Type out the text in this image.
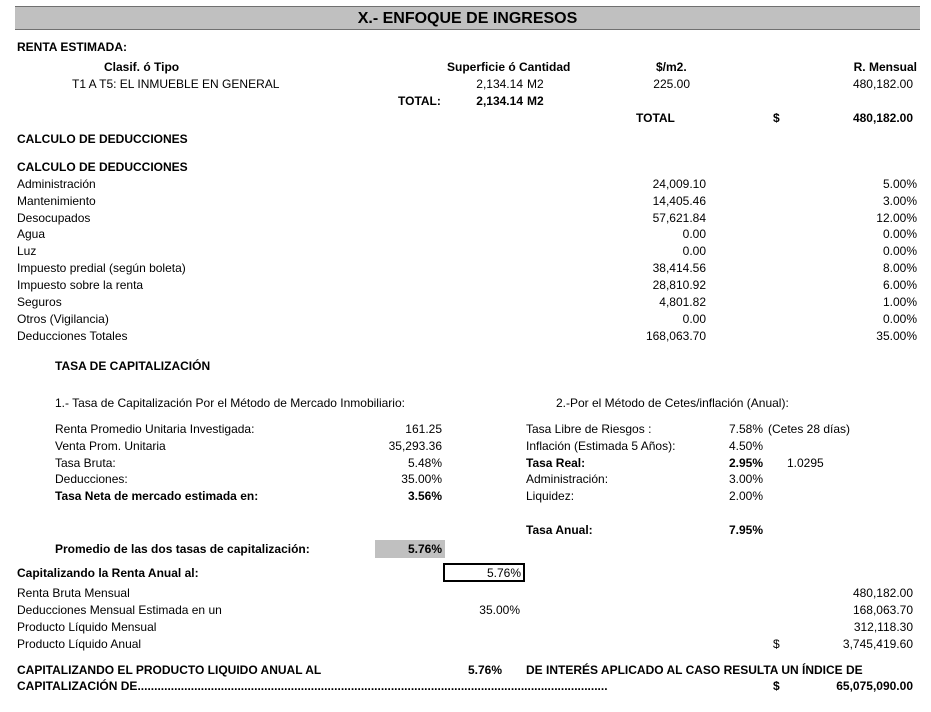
X.- ENFOQUE DE INGRESOS
RENTA ESTIMADA:
Clasif. ó Tipo	Superficie ó Cantidad	$/m2.	R. Mensual
T1 A T5: EL INMUEBLE EN GENERAL	2,134.14 M2	225.00	480,182.00
TOTAL:	2,134.14 M2
TOTAL	$	480,182.00
CALCULO DE DEDUCCIONES
CALCULO DE DEDUCCIONES
Administración	24,009.10	5.00%
Mantenimiento	14,405.46	3.00%
Desocupados	57,621.84	12.00%
Agua	0.00	0.00%
Luz	0.00	0.00%
Impuesto predial (según boleta)	38,414.56	8.00%
Impuesto sobre la renta	28,810.92	6.00%
Seguros	4,801.82	1.00%
Otros (Vigilancia)	0.00	0.00%
Deducciones Totales	168,063.70	35.00%
TASA DE CAPITALIZACIÓN
1.- Tasa de Capitalización Por el Método de Mercado Inmobiliario:	2.-Por el Método de Cetes/inflación (Anual):
Renta Promedio Unitaria Investigada:	161.25
Venta Prom. Unitaria	35,293.36
Tasa Bruta:	5.48%
Deducciones:	35.00%
Tasa Neta de mercado estimada en:	3.56%
Tasa Libre de Riesgos :	7.58% (Cetes 28 días)
Inflación (Estimada 5 Años):	4.50%
Tasa Real:	2.95% 1.0295
Administración:	3.00%
Liquidez:	2.00%
Tasa Anual:	7.95%
Promedio de las dos tasas de capitalización:	5.76%
Capitalizando la Renta Anual al:	5.76%
Renta Bruta Mensual	480,182.00
Deducciones Mensual Estimada en un	35.00%	168,063.70
Producto Líquido Mensual	312,118.30
Producto Líquido Anual	$	3,745,419.60
CAPITALIZANDO EL PRODUCTO LIQUIDO ANUAL AL	5.76% DE INTERÉS APLICADO AL CASO RESULTA UN ÍNDICE DE
CAPITALIZACIÓN DE.............................................................................................................................................	$	65,075,090.00
